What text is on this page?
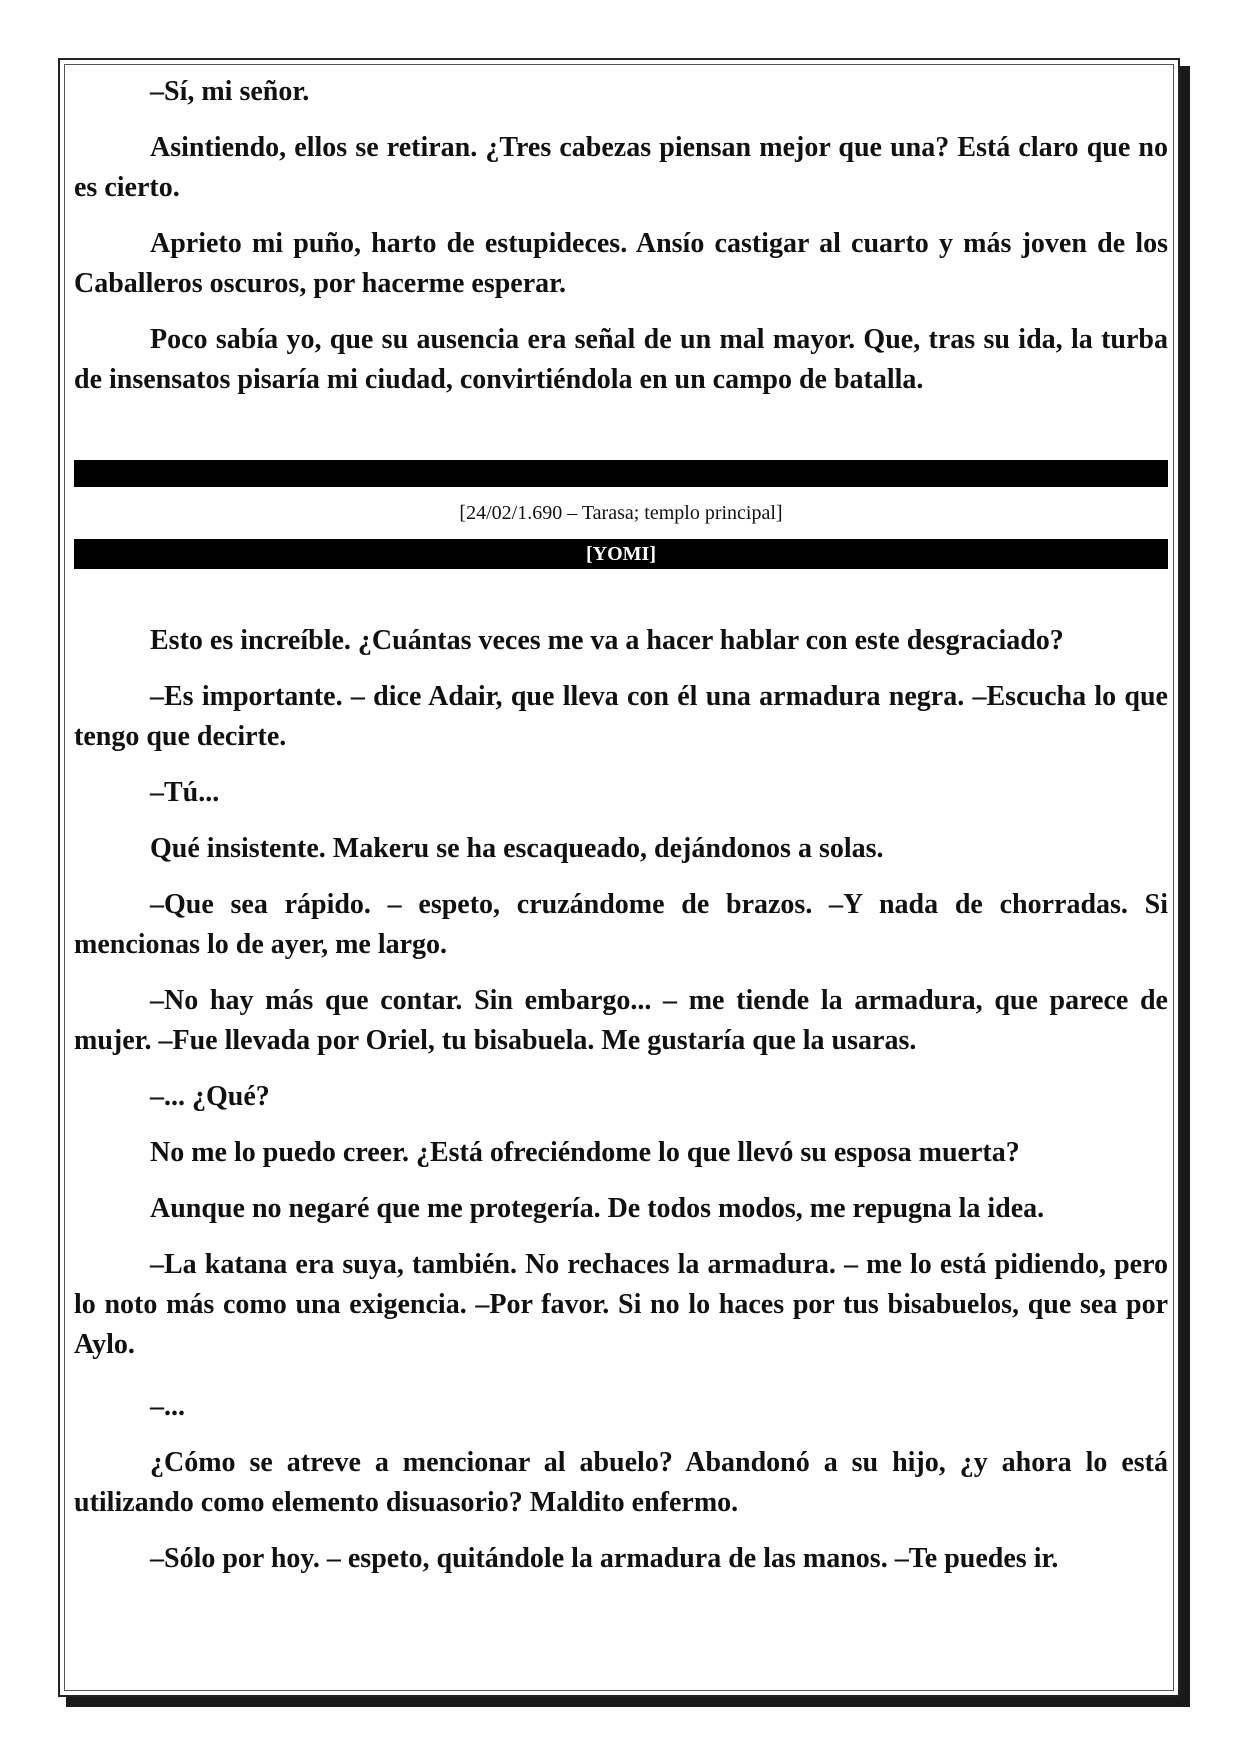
–Sí, mi señor.

Asintiendo, ellos se retiran. ¿Tres cabezas piensan mejor que una? Está claro que no es cierto.

Aprieto mi puño, harto de estupideces. Ansío castigar al cuarto y más joven de los Caballeros oscuros, por hacerme esperar.

Poco sabía yo, que su ausencia era señal de un mal mayor. Que, tras su ida, la turba de insensatos pisaría mi ciudad, convirtiéndola en un campo de batalla.

[24/02/1.690 – Tarasa; templo principal]
[YOMI]

Esto es increíble. ¿Cuántas veces me va a hacer hablar con este desgraciado?

–Es importante. – dice Adair, que lleva con él una armadura negra. –Escucha lo que tengo que decirte.

–Tú...

Qué insistente. Makeru se ha escaqueado, dejándonos a solas.

–Que sea rápido. – espeto, cruzándome de brazos. –Y nada de chorradas. Si mencionas lo de ayer, me largo.

–No hay más que contar. Sin embargo... – me tiende la armadura, que parece de mujer. –Fue llevada por Oriel, tu bisabuela. Me gustaría que la usaras.

–... ¿Qué?

No me lo puedo creer. ¿Está ofreciéndome lo que llevó su esposa muerta?

Aunque no negaré que me protegería. De todos modos, me repugna la idea.

–La katana era suya, también. No rechaces la armadura. – me lo está pidiendo, pero lo noto más como una exigencia. –Por favor. Si no lo haces por tus bisabuelos, que sea por Aylo.

–...

¿Cómo se atreve a mencionar al abuelo? Abandonó a su hijo, ¿y ahora lo está utilizando como elemento disuasorio? Maldito enfermo.

–Sólo por hoy. – espeto, quitándole la armadura de las manos. –Te puedes ir.
